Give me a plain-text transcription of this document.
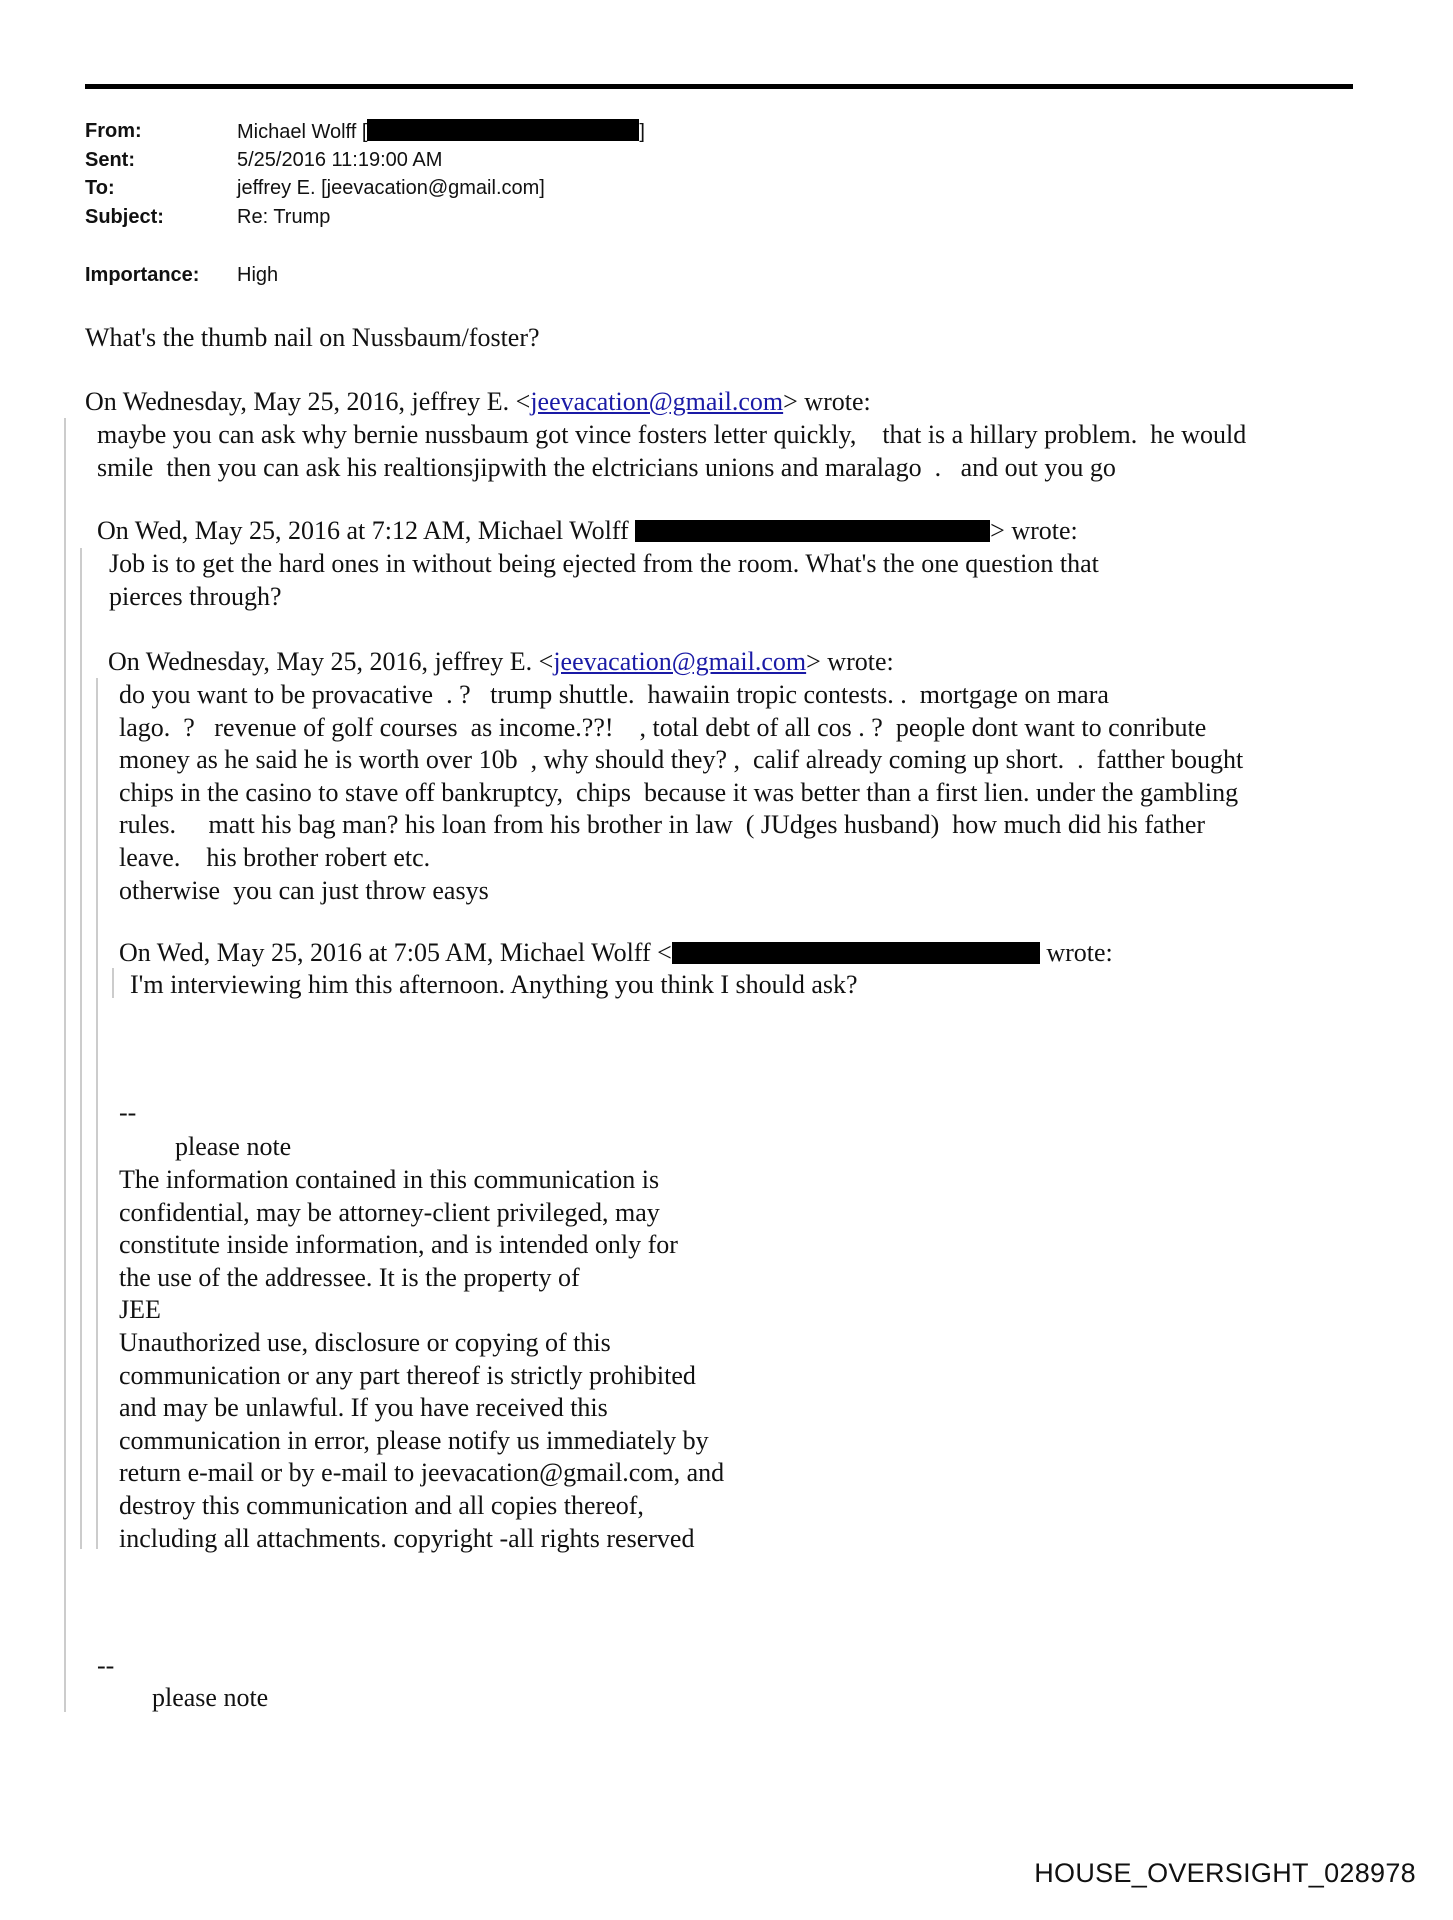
From:	Michael Wolff [	]
Sent:	5/25/2016 11:19:00 AM
To:	jeffrey E. [jeevacation@gmail.com]
Subject:	Re: Trump
Importance: High
What's the thumb nail on Nussbaum/foster?
On Wednesday, May 25, 2016, jeffrey E. <jeevacation@gmail.com> wrote:
maybe you can ask why bernie nussbaum got vince fosters letter quickly,    that is a hillary problem.  he would
smile  then you can ask his realtionsjipwith the elctricians unions and maralago  .   and out you go
On Wed, May 25, 2016 at 7:12 AM, Michael Wolff	> wrote:
Job is to get the hard ones in without being ejected from the room. What's the one question that
pierces through?
On Wednesday, May 25, 2016, jeffrey E. <jeevacation@gmail.com> wrote:
do you want to be provacative  . ?   trump shuttle.  hawaiin tropic contests. .  mortgage on mara
lago.  ?   revenue of golf courses  as income.??!    , total debt of all cos . ?  people dont want to conribute
money as he said he is worth over 10b  , why should they? ,  calif already coming up short.  .  fatther bought
chips in the casino to stave off bankruptcy,  chips  because it was better than a first lien. under the gambling
rules.     matt his bag man? his loan from his brother in law  ( JUdges husband)  how much did his father
leave.    his brother robert etc.
otherwise  you can just throw easys
On Wed, May 25, 2016 at 7:05 AM, Michael Wolff <	wrote:
I'm interviewing him this afternoon. Anything you think I should ask?
--
please note
The information contained in this communication is
confidential, may be attorney-client privileged, may
constitute inside information, and is intended only for
the use of the addressee. It is the property of
JEE
Unauthorized use, disclosure or copying of this
communication or any part thereof is strictly prohibited
and may be unlawful. If you have received this
communication in error, please notify us immediately by
return e-mail or by e-mail to jeevacation@gmail.com, and
destroy this communication and all copies thereof,
including all attachments. copyright -all rights reserved
--
please note
HOUSE_OVERSIGHT_028978
